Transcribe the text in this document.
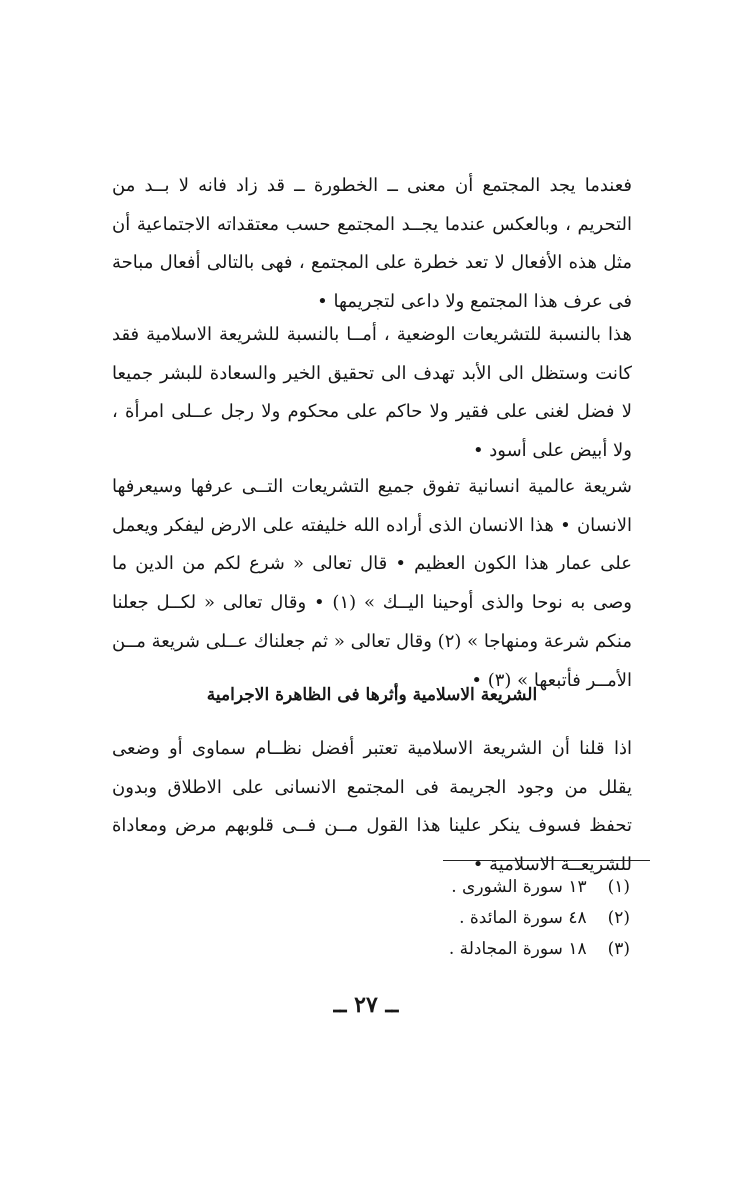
فعندما يجد المجتمع أن معنى ــ الخطورة ــ قد زاد فانه لا بــد من التحريم ، وبالعكس عندما يجــد المجتمع حسب معتقداته الاجتماعية أن مثل هذه الأفعال لا تعد خطرة على المجتمع ، فهى بالتالى أفعال مباحة فى عرف هذا المجتمع ولا داعى لتجريمها •

هذا بالنسبة للتشريعات الوضعية ، أمــا بالنسبة للشريعة الاسلامية فقد كانت وستظل الى الأبد تهدف الى تحقيق الخير والسعادة للبشر جميعا لا فضل لغنى على فقير ولا حاكم على محكوم ولا رجل عــلى امرأة ، ولا أبيض على أسود •

شريعة عالمية انسانية تفوق جميع التشريعات التــى عرفها وسيعرفها الانسان • هذا الانسان الذى أراده الله خليفته على الارض ليفكر ويعمل على عمار هذا الكون العظيم • قال تعالى « شرع لكم من الدين ما وصى به نوحا والذى أوحينا اليــك » (١) • وقال تعالى « لكــل جعلنا منكم شرعة ومنهاجا » (٢) وقال تعالى « ثم جعلناك عــلى شريعة مــن الأمــر فأتبعها » (٣) •

الشريعة الاسلامية وأثرها فى الظاهرة الاجرامية

اذا قلنا أن الشريعة الاسلامية تعتبر أفضل نظــام سماوى أو وضعى يقلل من وجود الجريمة فى المجتمع الانسانى على الاطلاق وبدون تحفظ فسوف ينكر علينا هذا القول مــن فــى قلوبهم مرض ومعاداة للشريعــة الاسلامية •

(١) ١٣ سورة الشورى .
(٢) ٤٨ سورة المائدة .
(٣) ١٨ سورة المجادلة .
ــ ٢٧ ــ
